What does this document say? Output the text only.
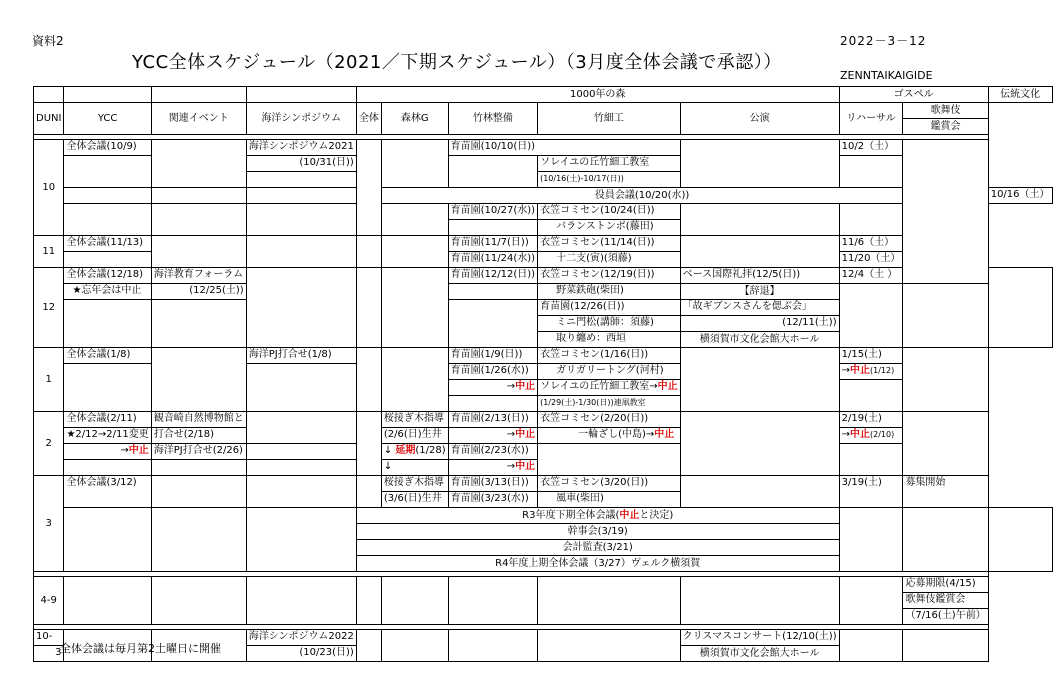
資料2	2022－3－12
YCC全体スケジュール（2021／下期スケジュール）（3月度全体会議で承認））
ZENNTAIKAIGIDE
				1000年の森					ゴスペル		伝統文化
DUNI	YCC	関連イベント	海洋シンポジウム	全体	森林G	竹林整備	竹細工	公演	リハーサル	歌舞伎	
										鑑賞会	

10	全体会議(10/9)		海洋シンポジウム2021			育苗園(10/10(日))			10/2（土）		
			(10/31(日))				ソレイユの丘竹細工教室				
							(10/16(土)-10/17(日))				
					役員会議(10/20(水))						10/16（土）
						育苗園(10/27(水))	衣笠コミセン(10/24(日))				
							バランストンボ(藤田)				
11	全体会議(11/13)					育苗園(11/7(日))	衣笠コミセン(11/14(日))		11/6（土）		
						育苗園(11/24(水))	十二支(寅)(須藤)		11/20（土）		
12	全体会議(12/18)	海洋教育フォーラム				育苗園(12/12(日))	衣笠コミセン(12/19(日))	ベース国際礼拝(12/5(日))	12/4（土 ）		
	★忘年会は中止	(12/25(土))					野菜鉄砲(柴田)	【辞退】			
							育苗園(12/26(日))	「故ギブンスさんを偲ぶ会」			
							ミニ門松(講師：須藤)	(12/11(土))			
							取り纏め：西垣	横須賀市文化会館大ホール			
1	全体会議(1/8)		海洋PJ打合せ(1/8)			育苗園(1/9(日))	衣笠コミセン(1/16(日))		1/15(土)		
						育苗園(1/26(水))	ガリガリートング(河村)		→中止(1/12)		
						→中止	ソレイユの丘竹細工教室→中止				
							(1/29(土)-1/30(日))連凧教室				
2	全体会議(2/11)	観音崎自然博物館と			桜接ぎ木指導	育苗園(2/13(日))	衣笠コミセン(2/20(日))		2/19(土)		
	★2/12→2/11変更	打合せ(2/18)			(2/6(日)生井	→中止	一輪ざし(中島)→中止		→中止(2/10)		
	→中止	海洋PJ打合せ(2/26)			↓ 延期(1/28)	育苗園(2/23(水))					
					↓	→中止					
3	全体会議(3/12)				桜接ぎ木指導	育苗園(3/13(日))	衣笠コミセン(3/20(日))		3/19(土)	募集開始	
					(3/6(日)生井	育苗園(3/23(水))	風車(柴田)				
				R3年度下期全体会議(中止と決定)							
				幹事会(3/19)							
				会計監査(3/21)							
				R4年度上期全体会議（3/27）ヴェルク横須賀							

4-9										応募期限(4/15)	
										歌舞伎鑑賞会	
										（7/16(土)午前）	

10-			海洋シンポジウム2022					クリスマスコンサート(12/10(土))			
3			(10/23(日))					横須賀市文化会館大ホール			
全体会議は毎月第2土曜日に開催
